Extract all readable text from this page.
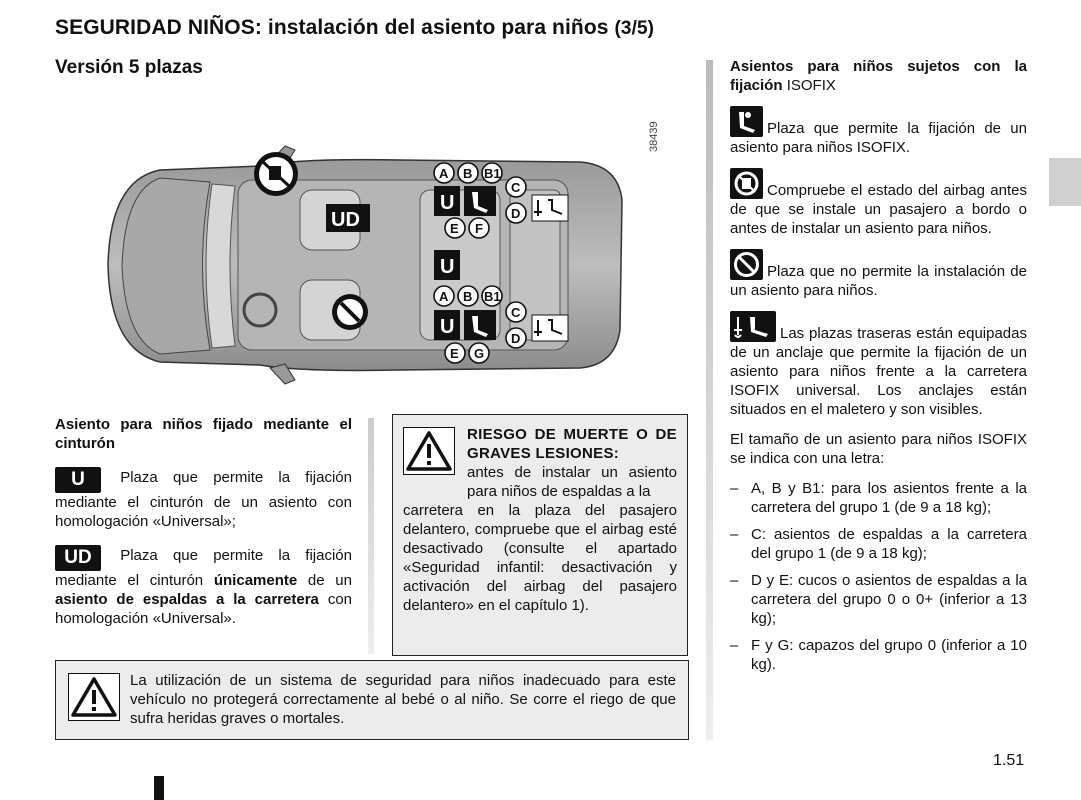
SEGURIDAD NIÑOS: instalación del asiento para niños (3/5)
Versión 5 plazas
38439
UD
A B B1
U
C
D
E F
U
A B B1
U
C
D
E G

Asiento para niños fijado mediante el cinturón

U Plaza que permite la fijación mediante el cinturón de un asiento con homologación «Universal»;

UD Plaza que permite la fijación mediante el cinturón únicamente de un asiento de espaldas a la carretera con homologación «Universal».

RIESGO DE MUERTE O DE GRAVES LESIONES:
antes de instalar un asiento para niños de espaldas a la
carretera en la plaza del pasajero delantero, compruebe que el airbag esté desactivado (consulte el apartado «Seguridad infantil: desactivación y activación del airbag del pasajero delantero» en el capítulo 1).
La utilización de un sistema de seguridad para niños inadecuado para este vehículo no protegerá correctamente al bebé o al niño. Se corre el riego de que sufra heridas graves o mortales.

Asientos para niños sujetos con la fijación ISOFIX

Plaza que permite la fijación de un asiento para niños ISOFIX.

Compruebe el estado del airbag antes de que se instale un pasajero a bordo o antes de instalar un asiento para niños.

Plaza que no permite la instalación de un asiento para niños.

Las plazas traseras están equipadas de un anclaje que permite la fijación de un asiento para niños frente a la carretera ISOFIX universal. Los anclajes están situados en el maletero y son visibles.

El tamaño de un asiento para niños ISOFIX se indica con una letra:

– A, B y B1: para los asientos frente a la carretera del grupo 1 (de 9 a 18 kg);
– C: asientos de espaldas a la carretera del grupo 1 (de 9 a 18 kg);
– D y E: cucos o asientos de espaldas a la carretera del grupo 0 o 0+ (inferior a 13 kg);
– F y G: capazos del grupo 0 (inferior a 10 kg).
1.51
